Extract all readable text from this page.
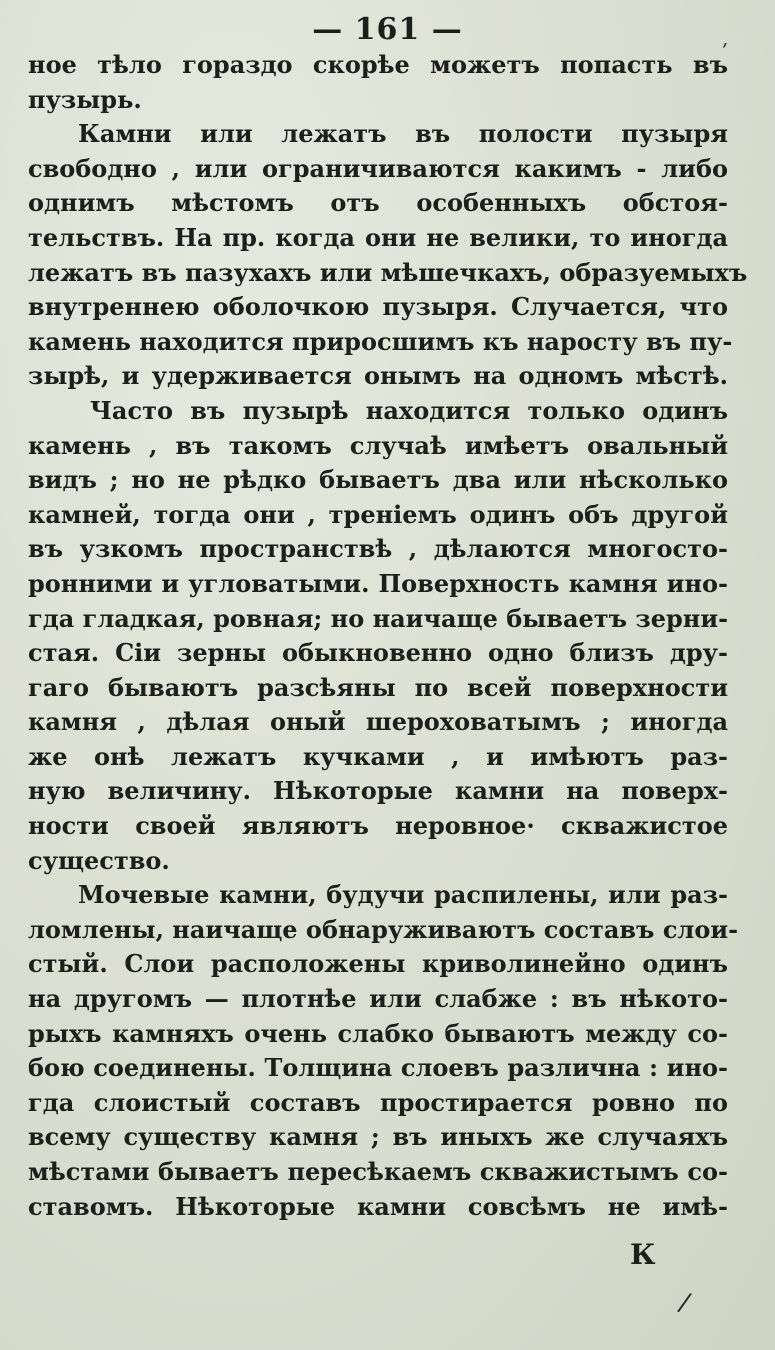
— 161 —	,
ное тѣло гораздо скорѣе можетъ попасть въ
пузырь.
Камни или лежатъ въ полости пузыря
свободно , или ограничиваются какимъ - либо
однимъ мѣстомъ отъ особенныхъ обстоя-
тельствъ. На пр. когда они не велики, то иногда
лежатъ въ пазухахъ или мѣшечкахъ, образуемыхъ
внутреннею оболочкою пузыря. Случается, что
камень находится приросшимъ къ наросту въ пу-
зырѣ, и удерживается онымъ на одномъ мѣстѣ.
Часто въ пузырѣ находится только одинъ
камень , въ такомъ случаѣ имѣетъ овальный
видъ ; но не рѣдко бываетъ два или нѣсколько
камней, тогда они , тренiемъ одинъ объ другой
въ узкомъ пространствѣ , дѣлаются многосто-
ронними и угловатыми. Поверхность камня ино-
гда гладкая, ровная; но наичаще бываетъ зерни-
стая. Сiи зерны обыкновенно одно близъ дру-
гаго бываютъ разсѣяны по всей поверхности
камня , дѣлая оный шероховатымъ ; иногда
же онѣ лежатъ кучками , и имѣютъ раз-
ную величину. Нѣкоторые камни на поверх-
ности своей являютъ неровное· скважистое
существо.
Мочевые камни, будучи распилены, или раз-
ломлены, наичаще обнаруживаютъ составъ слои-
стый. Слои расположены криволинейно одинъ
на другомъ — плотнѣе или слабже : въ нѣкото-
рыхъ камняхъ очень слабко бываютъ между со-
бою соединены. Толщина слоевъ различна : ино-
гда слоистый составъ простирается ровно по
всему существу камня ; въ иныхъ же случаяхъ
мѣстами бываетъ пересѣкаемъ скважистымъ со-
ставомъ. Нѣкоторые камни совсѣмъ не имѣ-
К
/
